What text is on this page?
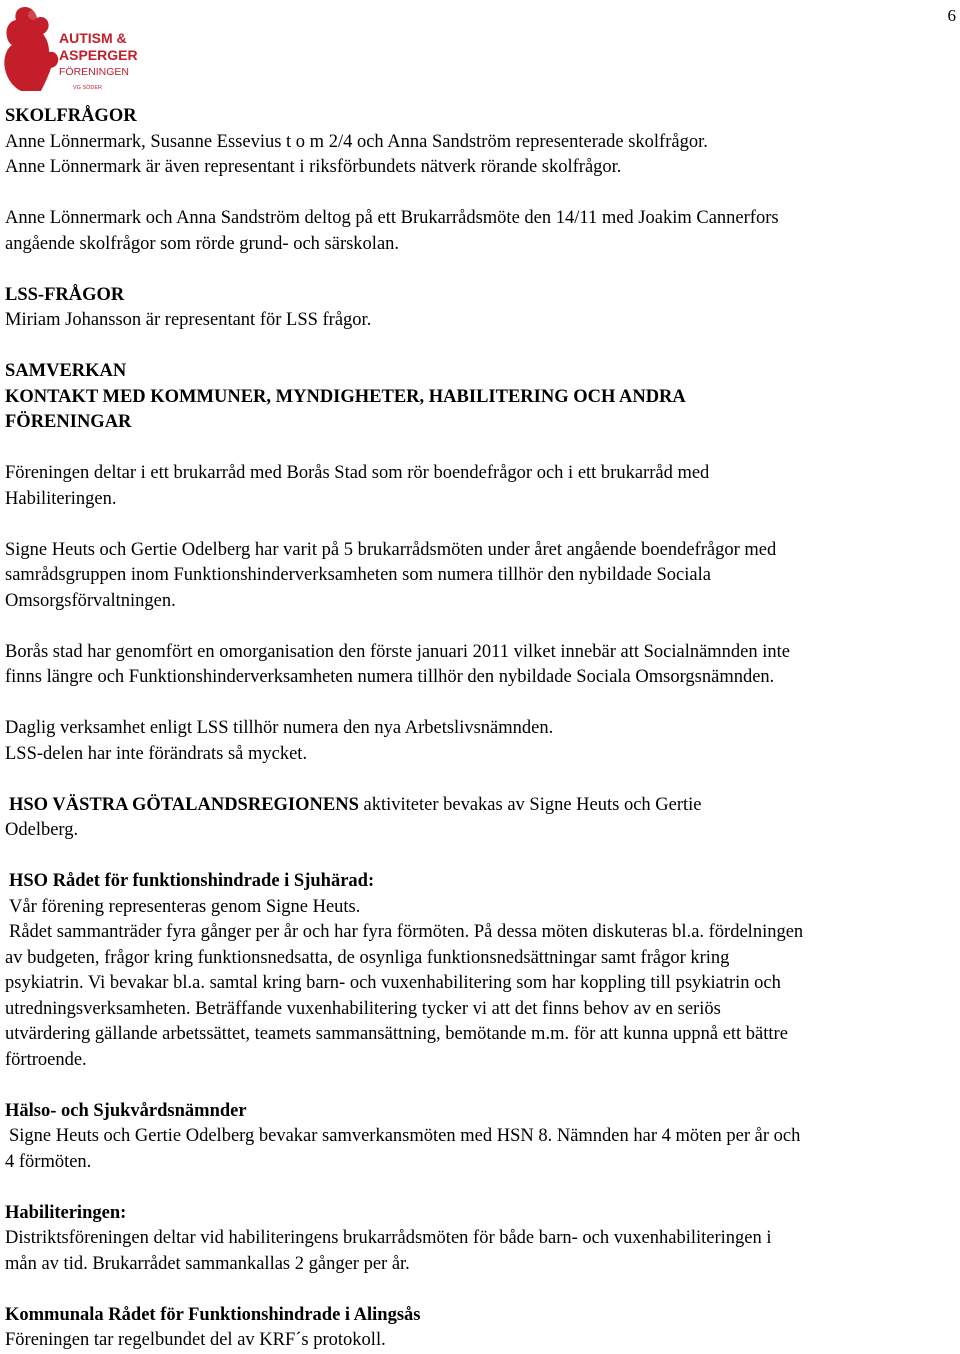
6
AUTISM &
ASPERGER
FÖRENINGEN
VG SÖDER

SKOLFRÅGOR

Anne Lönnermark, Susanne Essevius t o m 2/4 och Anna Sandström representerade skolfrågor.

Anne Lönnermark är även representant i riksförbundets nätverk rörande skolfrågor.

Anne Lönnermark och Anna Sandström deltog på ett Brukarrådsmöte den 14/11 med Joakim Cannerfors

angående skolfrågor som rörde grund- och särskolan.

LSS-FRÅGOR

Miriam Johansson är representant för LSS frågor.

SAMVERKAN

KONTAKT MED KOMMUNER, MYNDIGHETER, HABILITERING OCH ANDRA

FÖRENINGAR

Föreningen deltar i ett brukarråd med Borås Stad som rör boendefrågor och i ett brukarråd med

Habiliteringen.

Signe Heuts och Gertie Odelberg har varit på 5 brukarrådsmöten under året angående boendefrågor med

samrådsgruppen inom Funktionshinderverksamheten som numera tillhör den nybildade Sociala

Omsorgsförvaltningen.

Borås stad har genomfört en omorganisation den förste januari 2011 vilket innebär att Socialnämnden inte

finns längre och Funktionshinderverksamheten numera tillhör den nybildade Sociala Omsorgsnämnden.

Daglig verksamhet enligt LSS tillhör numera den nya Arbetslivsnämnden.

LSS-delen har inte förändrats så mycket.

HSO VÄSTRA GÖTALANDSREGIONENS aktiviteter bevakas av Signe Heuts och Gertie

Odelberg.

HSO Rådet för funktionshindrade i Sjuhärad:

Vår förening representeras genom Signe Heuts.

Rådet sammanträder fyra gånger per år och har fyra förmöten. På dessa möten diskuteras bl.a. fördelningen

av budgeten, frågor kring funktionsnedsatta, de osynliga funktionsnedsättningar samt frågor kring

psykiatrin. Vi bevakar bl.a. samtal kring barn- och vuxenhabilitering som har koppling till psykiatrin och

utredningsverksamheten. Beträffande vuxenhabilitering tycker vi att det finns behov av en seriös

utvärdering gällande arbetssättet, teamets sammansättning, bemötande m.m. för att kunna uppnå ett bättre

förtroende.

Hälso- och Sjukvårdsnämnder

Signe Heuts och Gertie Odelberg bevakar samverkansmöten med HSN 8. Nämnden har 4 möten per år och

4 förmöten.

Habiliteringen:

Distriktsföreningen deltar vid habiliteringens brukarrådsmöten för både barn- och vuxenhabiliteringen i

mån av tid. Brukarrådet sammankallas 2 gånger per år.

Kommunala Rådet för Funktionshindrade i Alingsås

Föreningen tar regelbundet del av KRF´s protokoll.
